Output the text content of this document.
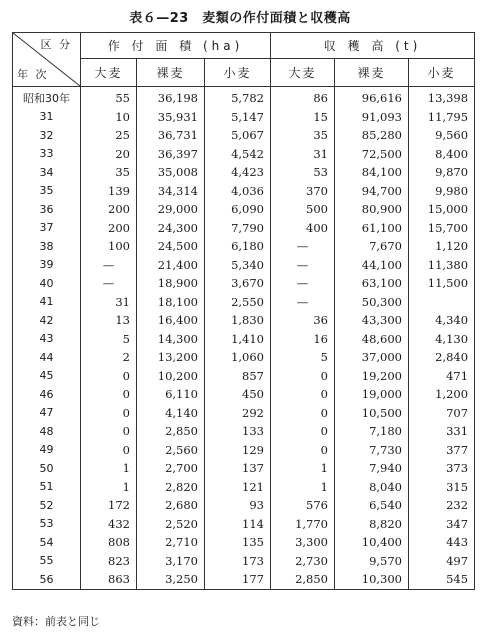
表６—23　麦類の作付面積と収穫高
区 分
年 次	作 付 面 積 (ha)			収 穫 高 (t)		
	大麦	裸麦	小麦	大麦	裸麦	小麦
昭和30年	55	36,198	5,782	86	96,616	13,398
31	10	35,931	5,147	15	91,093	11,795
32	25	36,731	5,067	35	85,280	9,560
33	20	36,397	4,542	31	72,500	8,400
34	35	35,008	4,423	53	84,100	9,870
35	139	34,314	4,036	370	94,700	9,980
36	200	29,000	6,090	500	80,900	15,000
37	200	24,300	7,790	400	61,100	15,700
38	100	24,500	6,180	—	7,670	1,120
39	—	21,400	5,340	—	44,100	11,380
40	—	18,900	3,670	—	63,100	11,500
41	31	18,100	2,550	—	50,300	
42	13	16,400	1,830	36	43,300	4,340
43	5	14,300	1,410	16	48,600	4,130
44	2	13,200	1,060	5	37,000	2,840
45	0	10,200	857	0	19,200	471
46	0	6,110	450	0	19,000	1,200
47	0	4,140	292	0	10,500	707
48	0	2,850	133	0	7,180	331
49	0	2,560	129	0	7,730	377
50	1	2,700	137	1	7,940	373
51	1	2,820	121	1	8,040	315
52	172	2,680	93	576	6,540	232
53	432	2,520	114	1,770	8,820	347
54	808	2,710	135	3,300	10,400	443
55	823	3,170	173	2,730	9,570	497
56	863	3,250	177	2,850	10,300	545
資料：前表と同じ
